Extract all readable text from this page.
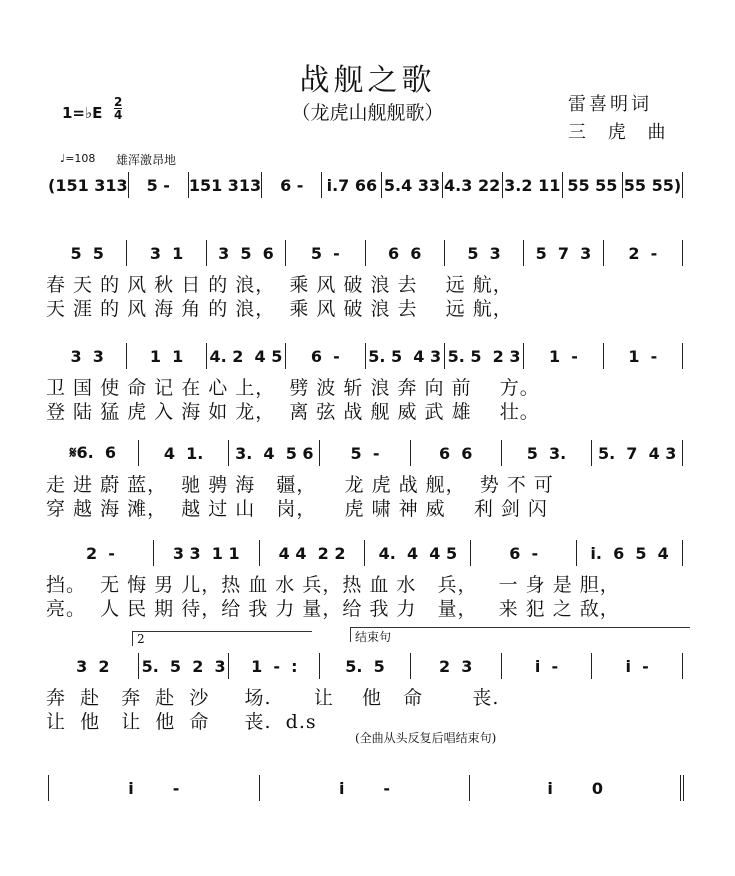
战舰之歌
（龙虎山舰舰歌）	雷喜明词
三 虎 曲
1=♭E
2
4
♩=108 雄浑激昂地
(151 313	5 -	151 313	6 -	i.7 66 5.4 33 4.3 22 3.2 11 55 55 55 55)
5  5	3  1	3  5  6	5  -	6  6	5  3	5  7  3	2  -
春 天 的 风 秋 日 的 浪，  乘 风 破 浪 去    远 航，
天 涯 的 风 海 角 的 浪，  乘 风 破 浪 去    远 航，
3  3	1  1	4. 2  4 5	6  -	5. 5  4 3 5. 5  2 3	1  -	1  -
卫 国 使 命 记 在 心 上，  劈 波 斩 浪 奔 向 前    方。
登 陆 猛 虎 入 海 如 龙，  离 弦 战 舰 威 武 雄    壮。
𝄋6.  6	4  1.	3.  4  5 6	5  -	6  6	5  3.	5.  7  4 3
走 进 蔚 蓝，  驰 骋 海   疆，    龙 虎 战 舰，  势 不 可
穿 越 海 滩，  越 过 山   岗，    虎 啸 神 威    利 剑 闪
2  -	3 3  1 1	4 4  2 2	4.  4  4 5	6  -	i.  6  5  4
挡。  无 悔 男 儿，热 血 水 兵，热 血 水   兵，   一 身 是 胆，
亮。  人 民 期 待，给 我 力 量，给 我 力   量，   来 犯 之 敌，
3  2	5.  5  2  3	1  -  :	5.  5	2  3	i  -	i  -
奔  赴   奔  赴  沙     场.      让    他   命       丧.
让  他   让  他  命     丧.  d.s
2	结束句
(全曲从头反复后唱结束句)
i       -	i       -	i       0
